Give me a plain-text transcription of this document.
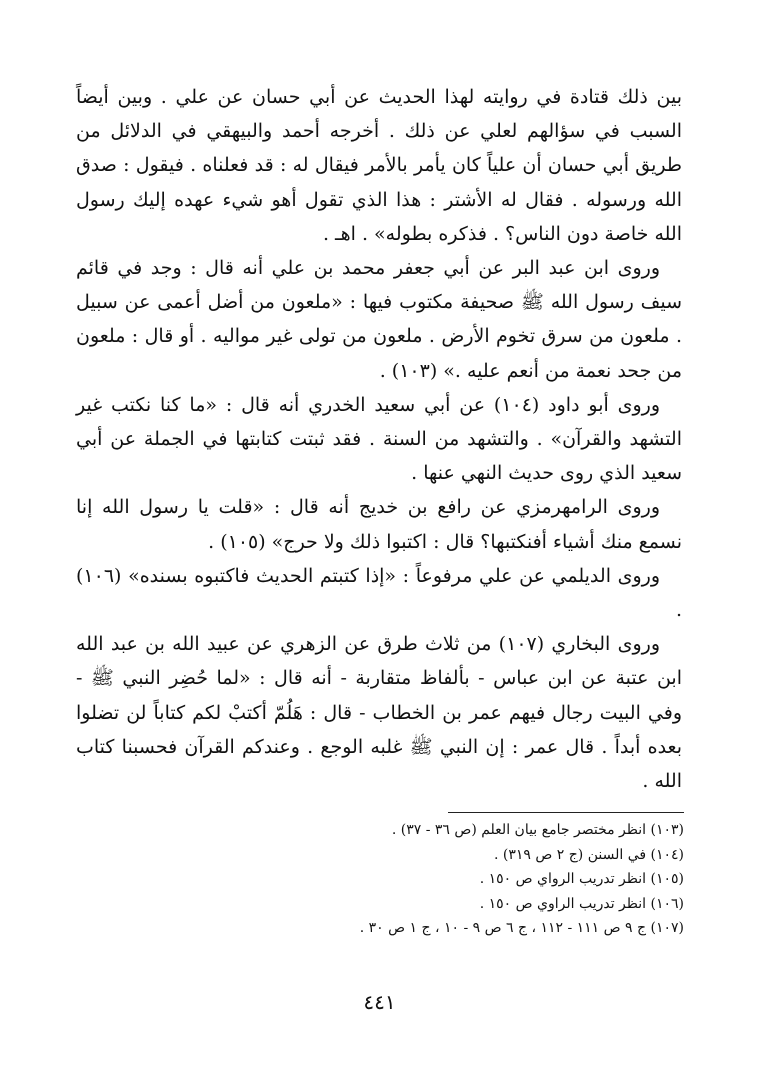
بين ذلك قتادة في روايته لهذا الحديث عن أبي حسان عن علي . وبين أيضاً السبب في سؤالهم لعلي عن ذلك . أخرجه أحمد والبيهقي في الدلائل من طريق أبي حسان أن علياً كان يأمر بالأمر فيقال له : قد فعلناه . فيقول : صدق الله ورسوله . فقال له الأشتر : هذا الذي تقول أهو شيء عهده إليك رسول الله خاصة دون الناس؟ . فذكره بطوله» . اهـ .

وروى ابن عبد البر عن أبي جعفر محمد بن علي أنه قال : وجد في قائم سيف رسول الله ﷺ صحيفة مكتوب فيها : «ملعون من أضل أعمى عن سبيل . ملعون من سرق تخوم الأرض . ملعون من تولى غير مواليه . أو قال : ملعون من جحد نعمة من أنعم عليه .» (١٠٣) .

وروى أبو داود (١٠٤) عن أبي سعيد الخدري أنه قال : «ما كنا نكتب غير التشهد والقرآن» . والتشهد من السنة . فقد ثبتت كتابتها في الجملة عن أبي سعيد الذي روى حديث النهي عنها .

وروى الرامهرمزي عن رافع بن خديج أنه قال : «قلت يا رسول الله إنا نسمع منك أشياء أفنكتبها؟ قال : اكتبوا ذلك ولا حرج» (١٠٥) .

وروى الديلمي عن علي مرفوعاً : «إذا كتبتم الحديث فاكتبوه بسنده» (١٠٦) .

وروى البخاري (١٠٧) من ثلاث طرق عن الزهري عن عبيد الله بن عبد الله ابن عتبة عن ابن عباس - بألفاظ متقاربة - أنه قال : «لما حُضِر النبي ﷺ - وفي البيت رجال فيهم عمر بن الخطاب - قال : هَلُمّ أكتبْ لكم كتاباً لن تضلوا بعده أبداً . قال عمر : إن النبي ﷺ غلبه الوجع . وعندكم القرآن فحسبنا كتاب الله .

(١٠٣) انظر مختصر جامع بيان العلم (ص ٣٦ - ٣٧) .

(١٠٤) في السنن (ج ٢ ص ٣١٩) .

(١٠٥) انظر تدريب الرواي ص ١٥٠ .

(١٠٦) انظر تدريب الراوي ص ١٥٠ .

(١٠٧) ج ٩ ص ١١١ - ١١٢ ، ج ٦ ص ٩ - ١٠ ، ج ١ ص ٣٠ .

٤٤١
